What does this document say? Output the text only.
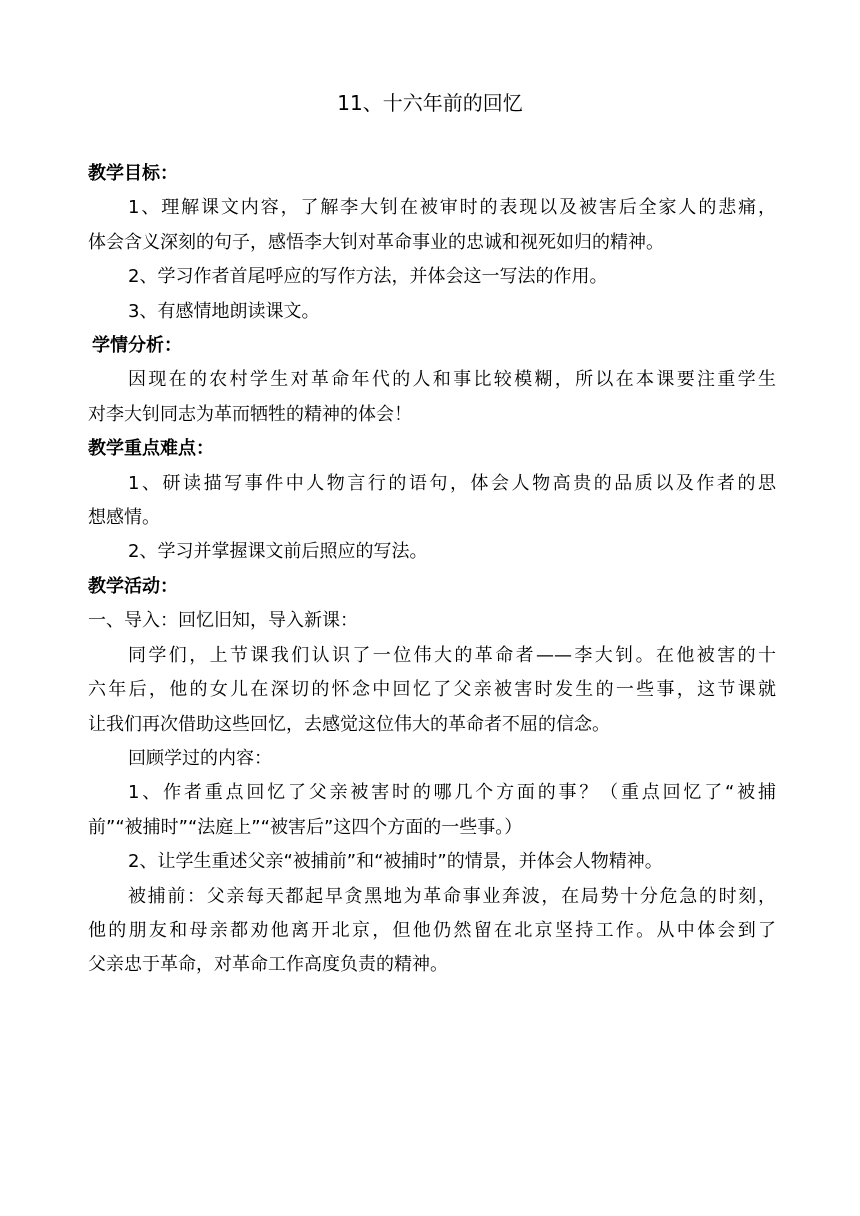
11、十六年前的回忆

教学目标：

1、理解课文内容，了解李大钊在被审时的表现以及被害后全家人的悲痛，

体会含义深刻的句子，感悟李大钊对革命事业的忠诚和视死如归的精神。

2、学习作者首尾呼应的写作方法，并体会这一写法的作用。

3、有感情地朗读课文。

学情分析：

因现在的农村学生对革命年代的人和事比较模糊，所以在本课要注重学生

对李大钊同志为革而牺牲的精神的体会！

教学重点难点：

1、研读描写事件中人物言行的语句，体会人物高贵的品质以及作者的思

想感情。

2、学习并掌握课文前后照应的写法。

教学活动：

一、导入：回忆旧知，导入新课：

同学们，上节课我们认识了一位伟大的革命者——李大钊。在他被害的十

六年后，他的女儿在深切的怀念中回忆了父亲被害时发生的一些事，这节课就

让我们再次借助这些回忆，去感觉这位伟大的革命者不屈的信念。

回顾学过的内容：

1、作者重点回忆了父亲被害时的哪几个方面的事？（重点回忆了“被捕

前”“被捕时”“法庭上”“被害后”这四个方面的一些事。）

2、让学生重述父亲“被捕前”和“被捕时”的情景，并体会人物精神。

被捕前：父亲每天都起早贪黑地为革命事业奔波，在局势十分危急的时刻，

他的朋友和母亲都劝他离开北京，但他仍然留在北京坚持工作。从中体会到了

父亲忠于革命，对革命工作高度负责的精神。
